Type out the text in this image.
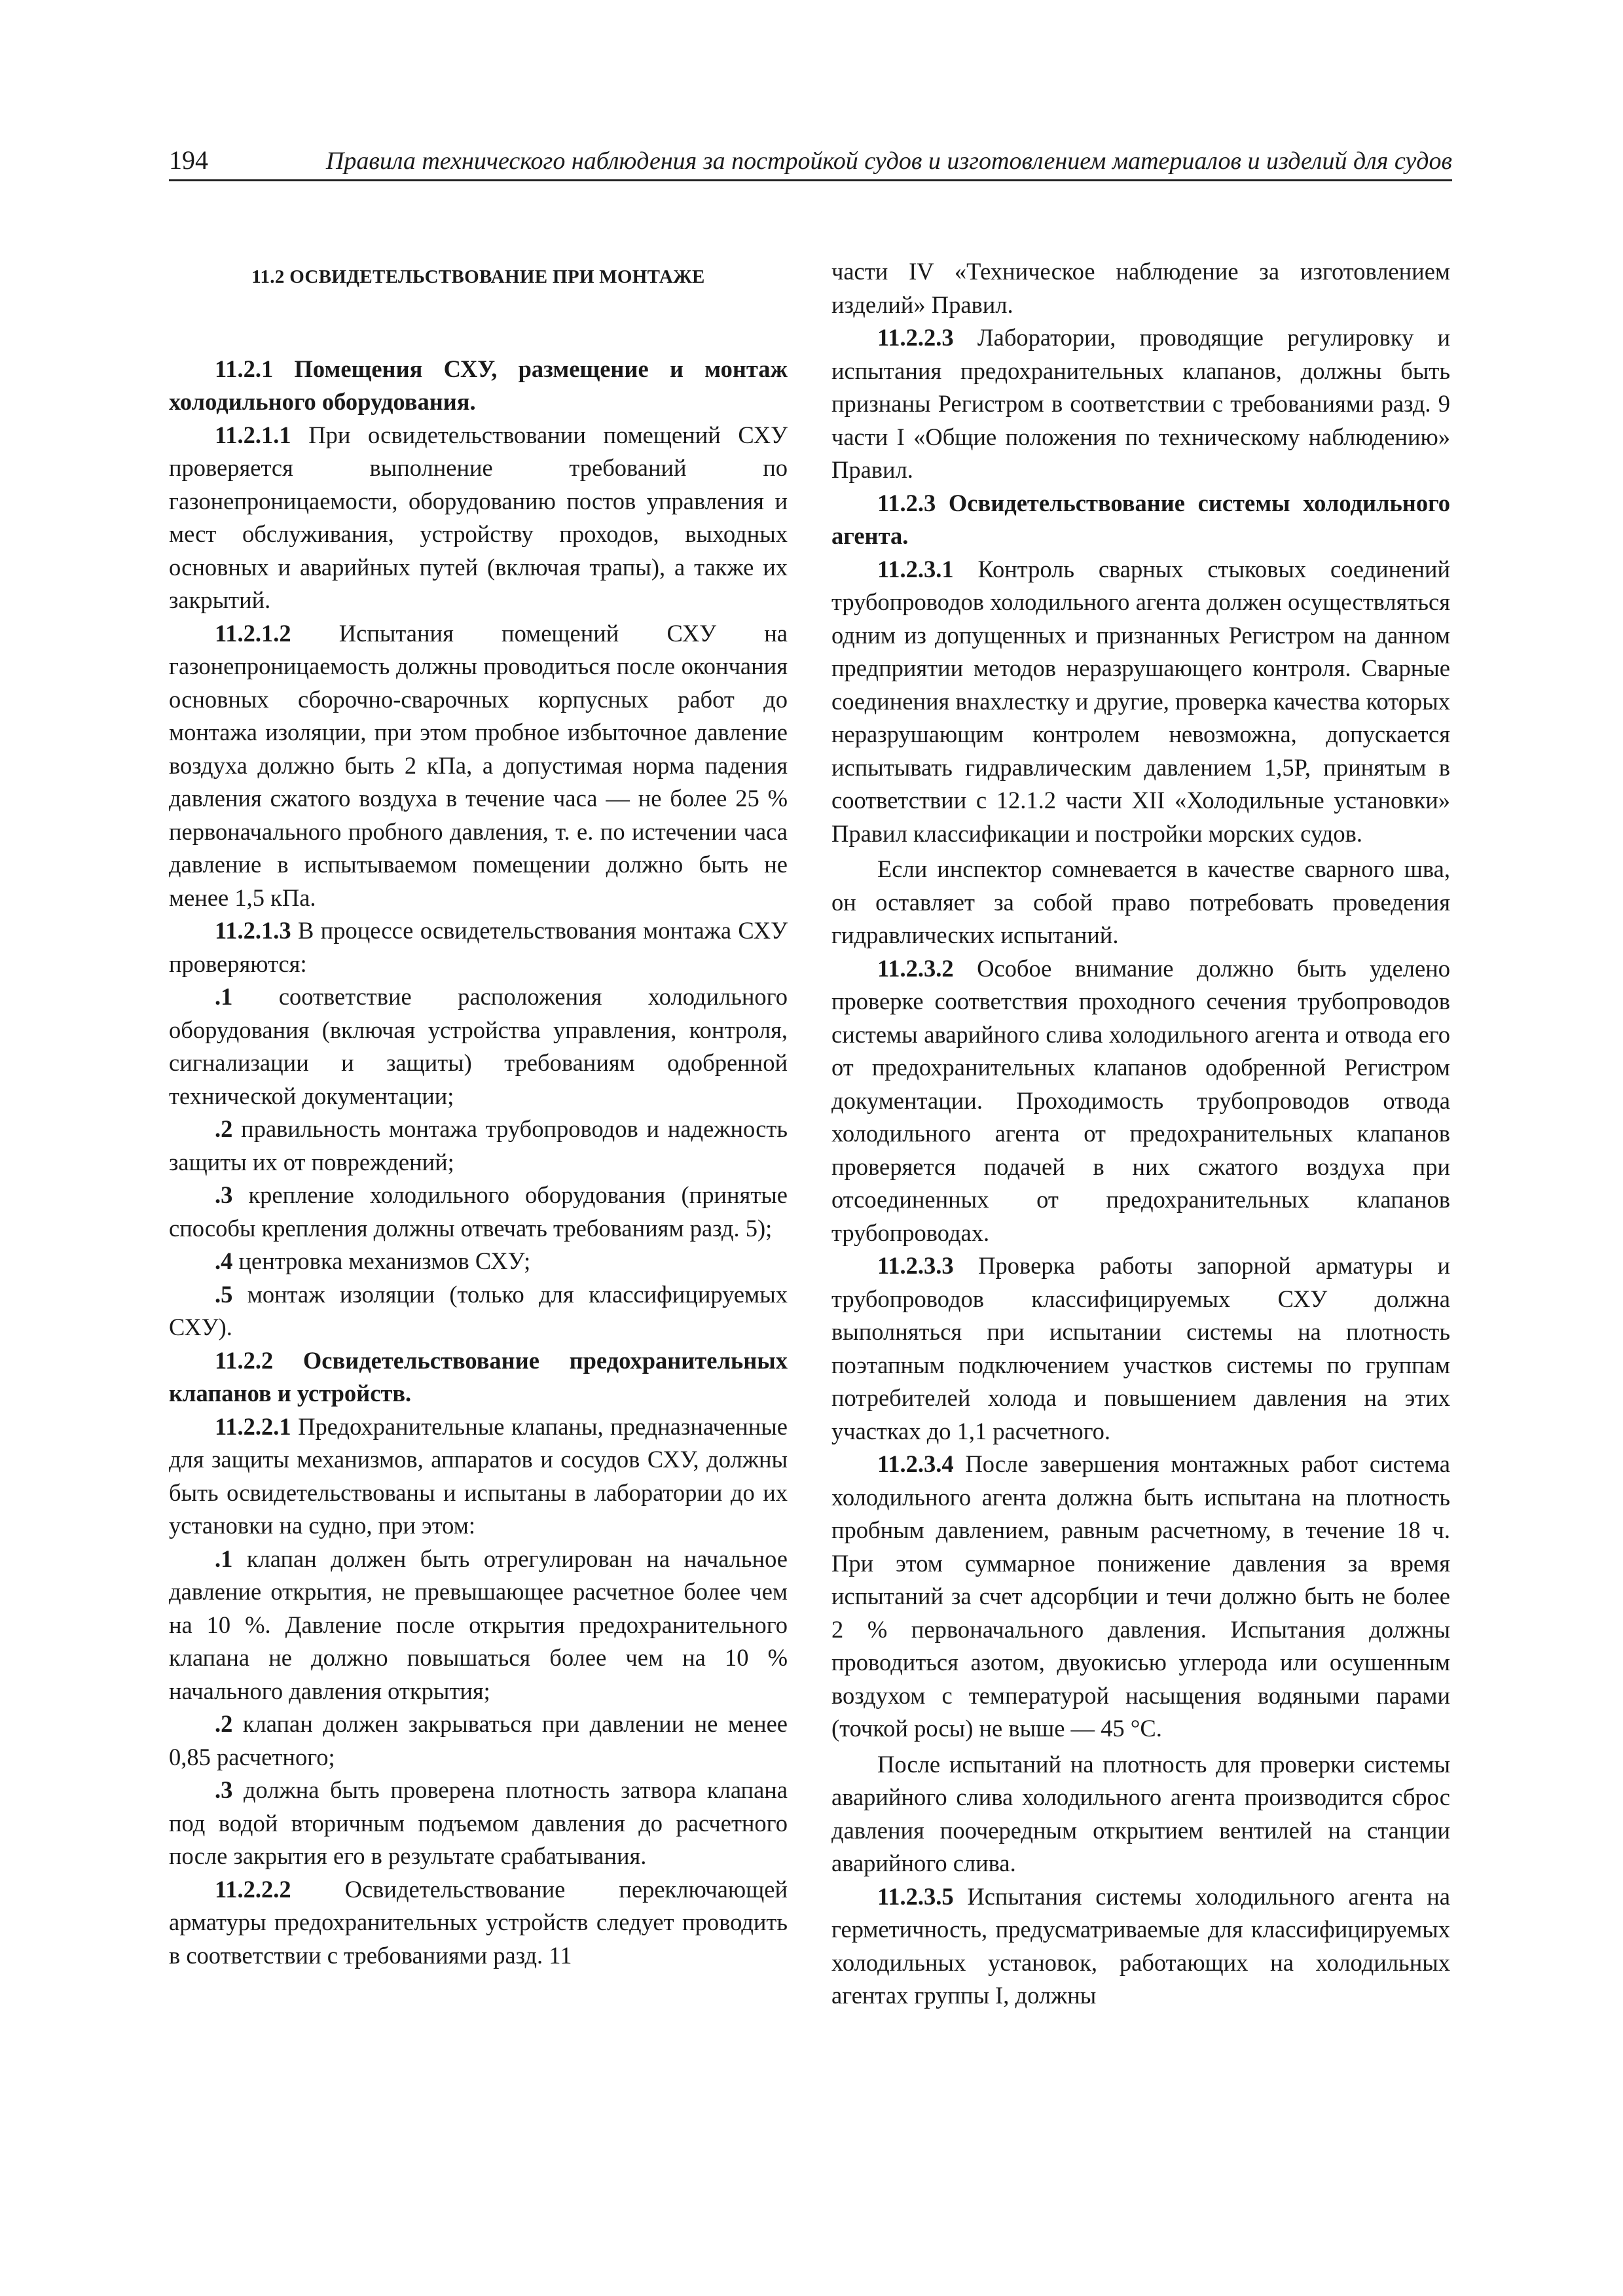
194	Правила технического наблюдения за постройкой судов и изготовлением материалов и изделий для судов

11.2 ОСВИДЕТЕЛЬСТВОВАНИЕ ПРИ МОНТАЖЕ

11.2.1 Помещения СХУ, размещение и монтаж холодильного оборудования.

11.2.1.1 При освидетельствовании помещений СХУ проверяется выполнение требований по газонепроницаемости, оборудованию постов управления и мест обслуживания, устройству проходов, выходных основных и аварийных путей (включая трапы), а также их закрытий.

11.2.1.2 Испытания помещений СХУ на газонепроницаемость должны проводиться после окончания основных сборочно-сварочных корпусных работ до монтажа изоляции, при этом пробное избыточное давление воздуха должно быть 2 кПа, а допустимая норма падения давления сжатого воздуха в течение часа — не более 25 % первоначального пробного давления, т. е. по истечении часа давление в испытываемом помещении должно быть не менее 1,5 кПа.

11.2.1.3 В процессе освидетельствования монтажа СХУ проверяются:

.1 соответствие расположения холодильного оборудования (включая устройства управления, контроля, сигнализации и защиты) требованиям одобренной технической документации;

.2 правильность монтажа трубопроводов и надежность защиты их от повреждений;

.3 крепление холодильного оборудования (принятые способы крепления должны отвечать требованиям разд. 5);

.4 центровка механизмов СХУ;

.5 монтаж изоляции (только для классифицируемых СХУ).

11.2.2 Освидетельствование предохранительных клапанов и устройств.

11.2.2.1 Предохранительные клапаны, предназначенные для защиты механизмов, аппаратов и сосудов СХУ, должны быть освидетельствованы и испытаны в лаборатории до их установки на судно, при этом:

.1 клапан должен быть отрегулирован на начальное давление открытия, не превышающее расчетное более чем на 10 %. Давление после открытия предохранительного клапана не должно повышаться более чем на 10 % начального давления открытия;

.2 клапан должен закрываться при давлении не менее 0,85 расчетного;

.3 должна быть проверена плотность затвора клапана под водой вторичным подъемом давления до расчетного после закрытия его в результате срабатывания.

11.2.2.2 Освидетельствование переключающей арматуры предохранительных устройств следует проводить в соответствии с требованиями разд. 11

части IV «Техническое наблюдение за изготовлением изделий» Правил.

11.2.2.3 Лаборатории, проводящие регулировку и испытания предохранительных клапанов, должны быть признаны Регистром в соответствии с требованиями разд. 9 части I «Общие положения по техническому наблюдению» Правил.

11.2.3 Освидетельствование системы холодильного агента.

11.2.3.1 Контроль сварных стыковых соединений трубопроводов холодильного агента должен осуществляться одним из допущенных и признанных Регистром на данном предприятии методов неразрушающего контроля. Сварные соединения внахлестку и другие, проверка качества которых неразрушающим контролем невозможна, допускается испытывать гидравлическим давлением 1,5P, принятым в соответствии с 12.1.2 части XII «Холодильные установки» Правил классификации и постройки морских судов.

Если инспектор сомневается в качестве сварного шва, он оставляет за собой право потребовать проведения гидравлических испытаний.

11.2.3.2 Особое внимание должно быть уделено проверке соответствия проходного сечения трубопроводов системы аварийного слива холодильного агента и отвода его от предохранительных клапанов одобренной Регистром документации. Проходимость трубопроводов отвода холодильного агента от предохранительных клапанов проверяется подачей в них сжатого воздуха при отсоединенных от предохранительных клапанов трубопроводах.

11.2.3.3 Проверка работы запорной арматуры и трубопроводов классифицируемых СХУ должна выполняться при испытании системы на плотность поэтапным подключением участков системы по группам потребителей холода и повышением давления на этих участках до 1,1 расчетного.

11.2.3.4 После завершения монтажных работ система холодильного агента должна быть испытана на плотность пробным давлением, равным расчетному, в течение 18 ч. При этом суммарное понижение давления за время испытаний за счет адсорбции и течи должно быть не более 2 % первоначального давления. Испытания должны проводиться азотом, двуокисью углерода или осушенным воздухом с температурой насыщения водяными парами (точкой росы) не выше — 45 °С.

После испытаний на плотность для проверки системы аварийного слива холодильного агента производится сброс давления поочередным открытием вентилей на станции аварийного слива.

11.2.3.5 Испытания системы холодильного агента на герметичность, предусматриваемые для классифицируемых холодильных установок, работающих на холодильных агентах группы I, должны
